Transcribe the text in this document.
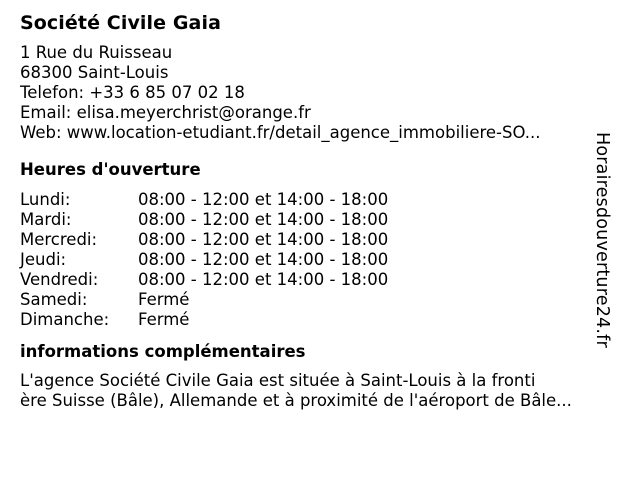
Société Civile Gaia
1 Rue du Ruisseau
68300 Saint-Louis
Telefon: +33 6 85 07 02 18
Email: elisa.meyerchrist@orange.fr
Web: www.location-etudiant.fr/detail_agence_immobiliere-SO...
Heures d'ouverture
Lundi:	08:00 - 12:00 et 14:00 - 18:00
Mardi:	08:00 - 12:00 et 14:00 - 18:00
Mercredi:	08:00 - 12:00 et 14:00 - 18:00
Jeudi:	08:00 - 12:00 et 14:00 - 18:00
Vendredi:	08:00 - 12:00 et 14:00 - 18:00
Samedi:	Fermé
Dimanche:	Fermé
informations complémentaires
L'agence Société Civile Gaia est située à Saint-Louis à la fronti
ère Suisse (Bâle), Allemande et à proximité de l'aéroport de Bâle...
Horairesdouverture24.fr
